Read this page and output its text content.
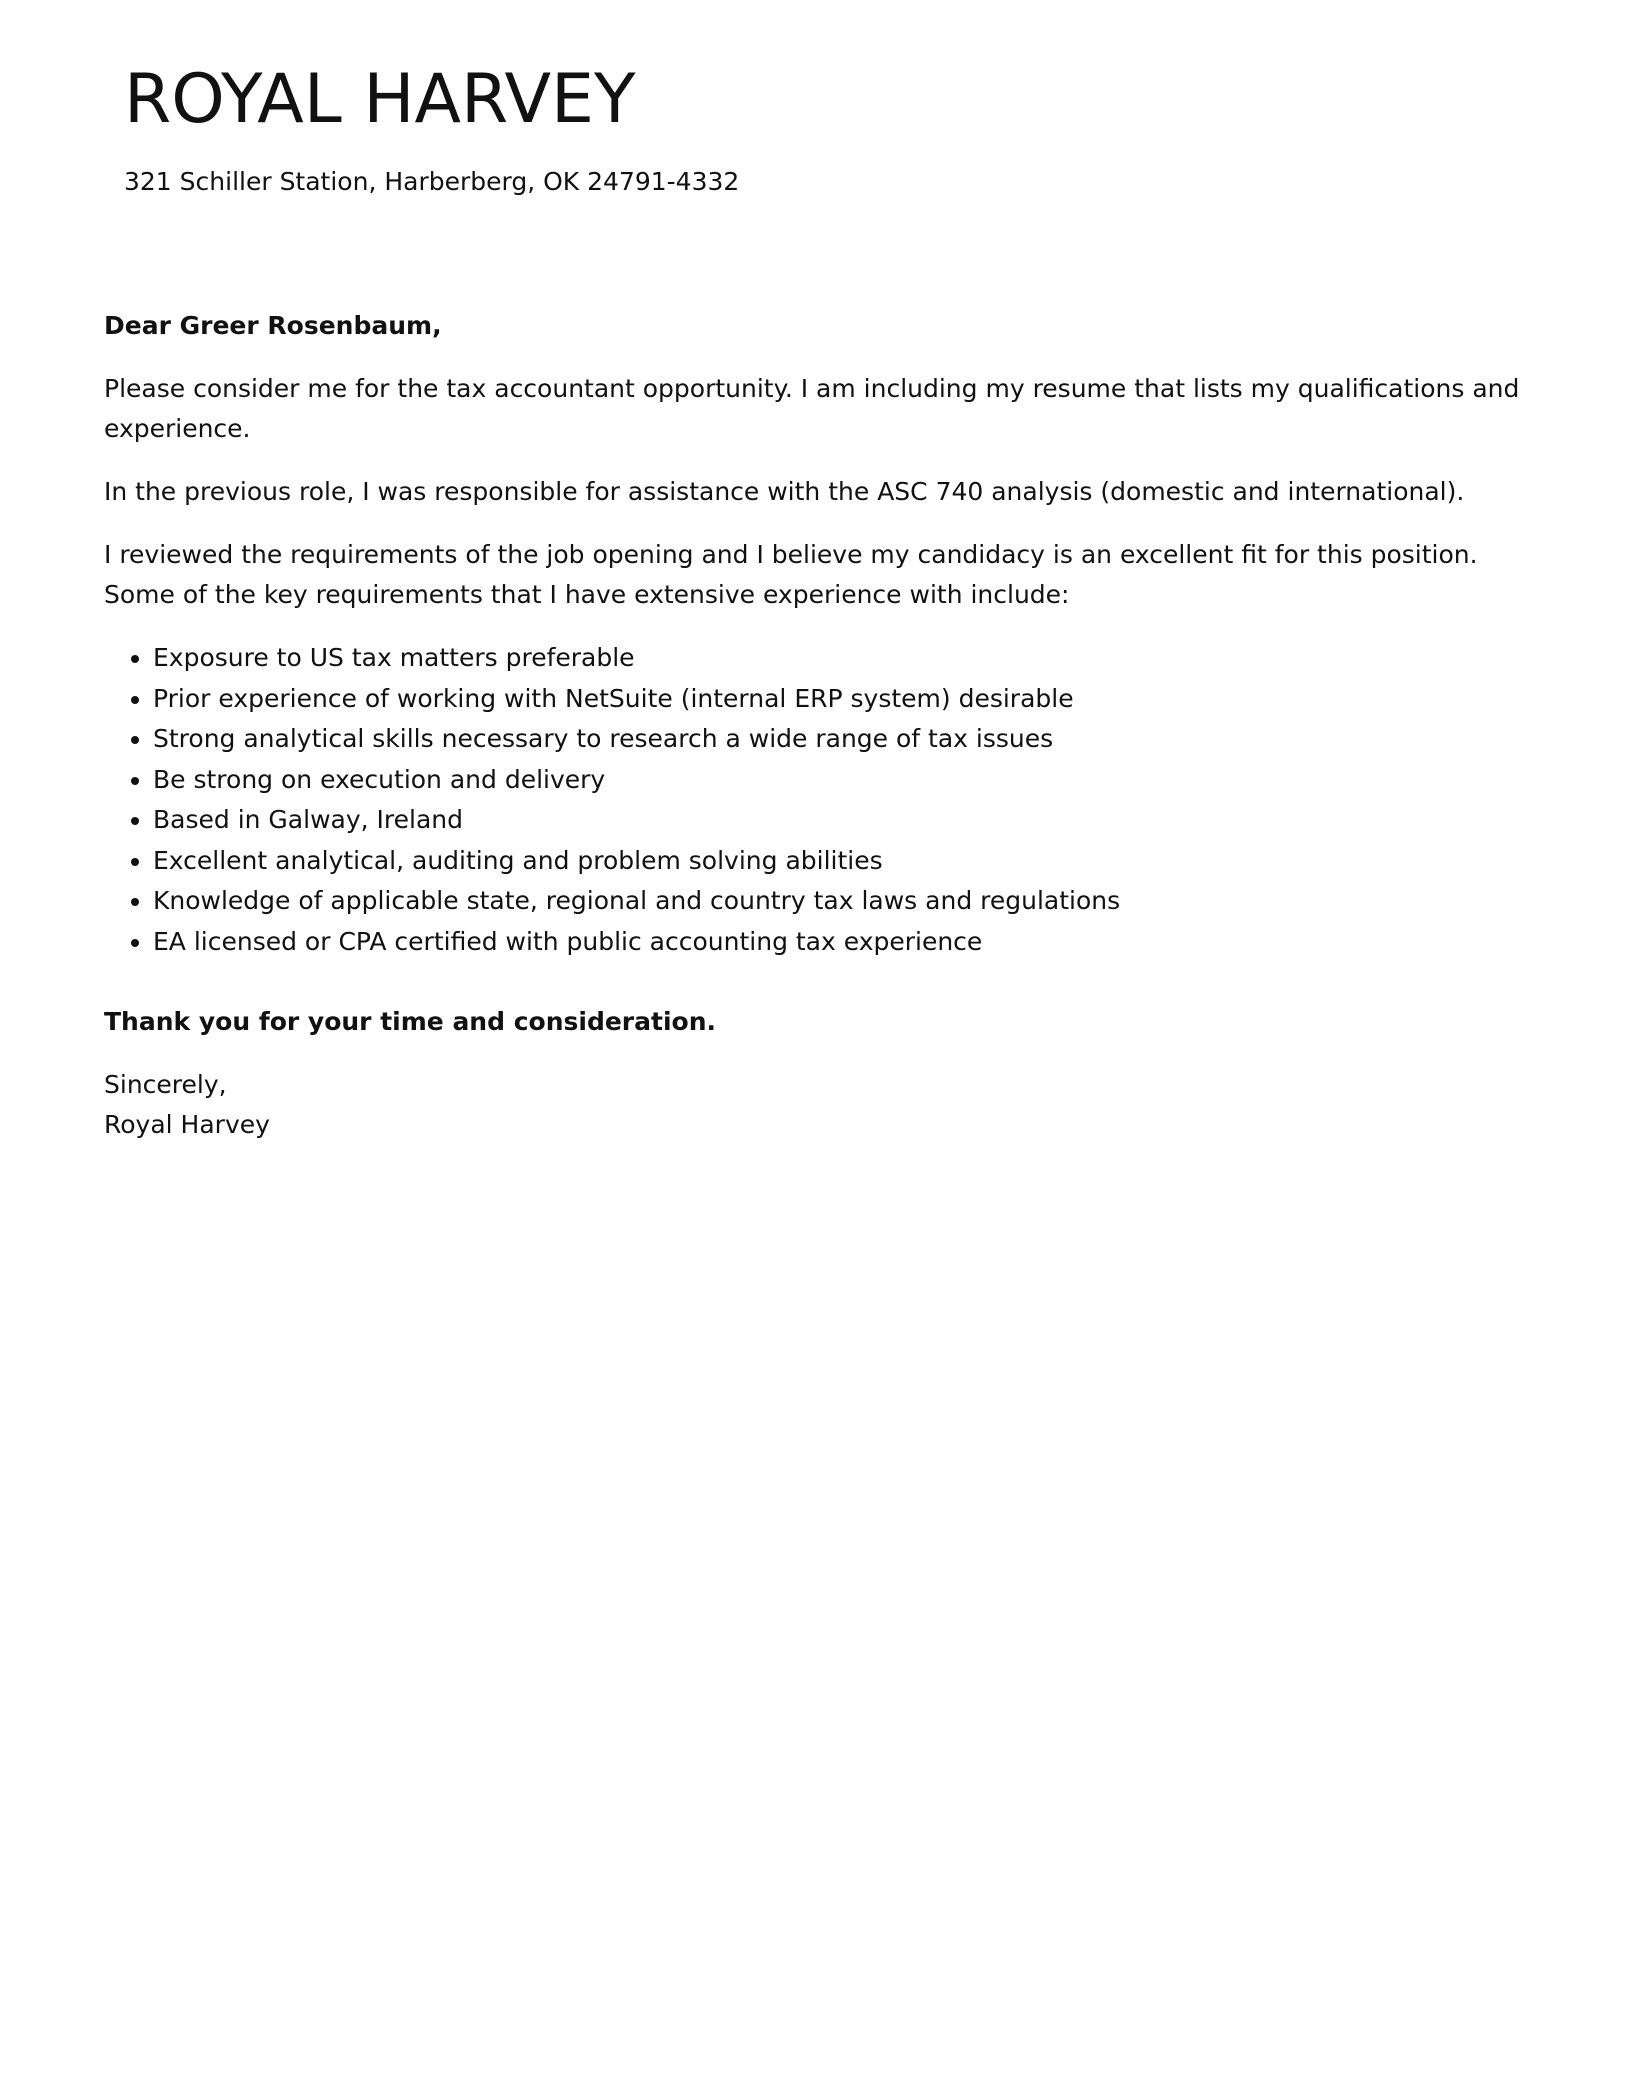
ROYAL HARVEY
321 Schiller Station, Harberberg, OK 24791-4332

Dear Greer Rosenbaum,

Please consider me for the tax accountant opportunity. I am including my resume that lists my qualifications and experience.

In the previous role, I was responsible for assistance with the ASC 740 analysis (domestic and international).

I reviewed the requirements of the job opening and I believe my candidacy is an excellent fit for this position. Some of the key requirements that I have extensive experience with include:

• Exposure to US tax matters preferable
• Prior experience of working with NetSuite (internal ERP system) desirable
• Strong analytical skills necessary to research a wide range of tax issues
• Be strong on execution and delivery
• Based in Galway, Ireland
• Excellent analytical, auditing and problem solving abilities
• Knowledge of applicable state, regional and country tax laws and regulations
• EA licensed or CPA certified with public accounting tax experience

Thank you for your time and consideration.

Sincerely,
Royal Harvey
